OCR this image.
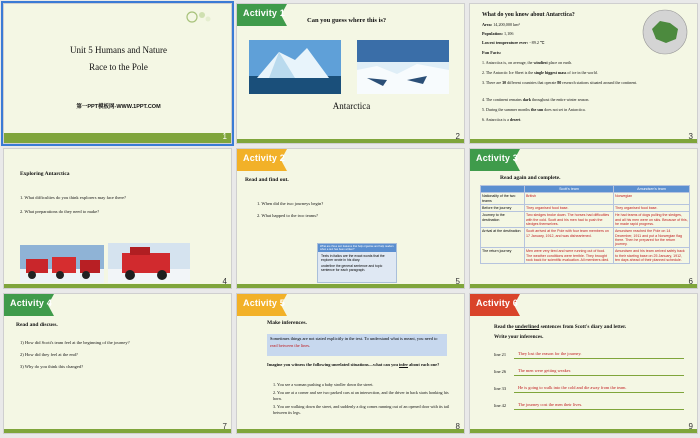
Unit 5 Humans and Nature
Race to the Pole
第一PPT模板网-WWW.1PPT.COM
1
Activity 1
Can you guess where this is?
Antarctica
2
What do you know about Antarctica?
Area: 14,200,000 km²
Population: 1,106
Lowest temperature ever: −89.2 ℃
Fun Facts:
1. Antarctica is, on average, the windiest place on earth.
2. The Antarctic Ice Sheet is the single biggest mass of ice in the world.
3. There are 30 different countries that operate 80 research stations situated around the continent.
4. The continent remains dark throughout the entire winter season.
5. During the summer months the sun does not set in Antarctica.
6. Antarctica is a desert.
3
Exploring Antarctica
1. What difficulties do you think explorers may face there?
2. What preparations do they need to make?
4
Activity 2
Read and find out.
1. When did the two journeys begin?
2. What happed to the two teams?
What are three text features that help organise and help readers when a text has been written?
Texts in italics are the exact words that the explorer wrote in his diary.
underline the general sentence and topic sentence for each paragraph.
5
Activity 3
Read again and complete.
	Scott's team	Amundsen's team
Nationality of the two teams	British	Norwegian
Before the journey	They organised food base.	They organised food base.
Journey to the destination	Two sledges broke down. The horses had difficulties with the cold. Scott and his men had to push the sledges themselves.	He had teams of dogs pulling the sledges, and all his men were on skis. Because of this, he made rapid progress.
Arrival at the destination	Scott arrived at the Pole with four team members on 17 January, 1912, and was disheartened.	Amundsen reached the Pole on 14 December, 1911 and put a Norwegian flag there. Then he prepared for the return journey.
The return journey	Men were very tired and were running out of food. The weather conditions were terrible. They brought rock back for scientific evaluation. All members died.	Amundsen and his team arrived safely back to their starting base on 25 January, 1912, ten days ahead of their planned schedule.
6
Activity 4
Read and discuss.
1) How did Scott's team feel at the beginning of the journey?
2) How did they feel at the end?
3) Why do you think this changed?
7
Activity 5
Make inferences.
Sometimes things are not stated explicitly in the text. To understand what is meant, you need to read between the lines.
Imagine you witness the following unrelated situations—what can you infer about each one?
1. You see a woman pushing a baby stroller down the street.
2. You are at a corner and see two parked cars at an intersection, and the driver in back starts honking his horn.
3. You are walking down the street, and suddenly a dog comes running out of an opened door with its tail between its legs.
8
Activity 6
Read the underlined sentences from Scott's diary and letter.
Write your inferences.
line 21	They lost the reason for the journey.
line 26	The men were getting weaker.
line 33	He is going to walk into the cold and die away from the team.
line 42	The journey cost the men their lives.
9
